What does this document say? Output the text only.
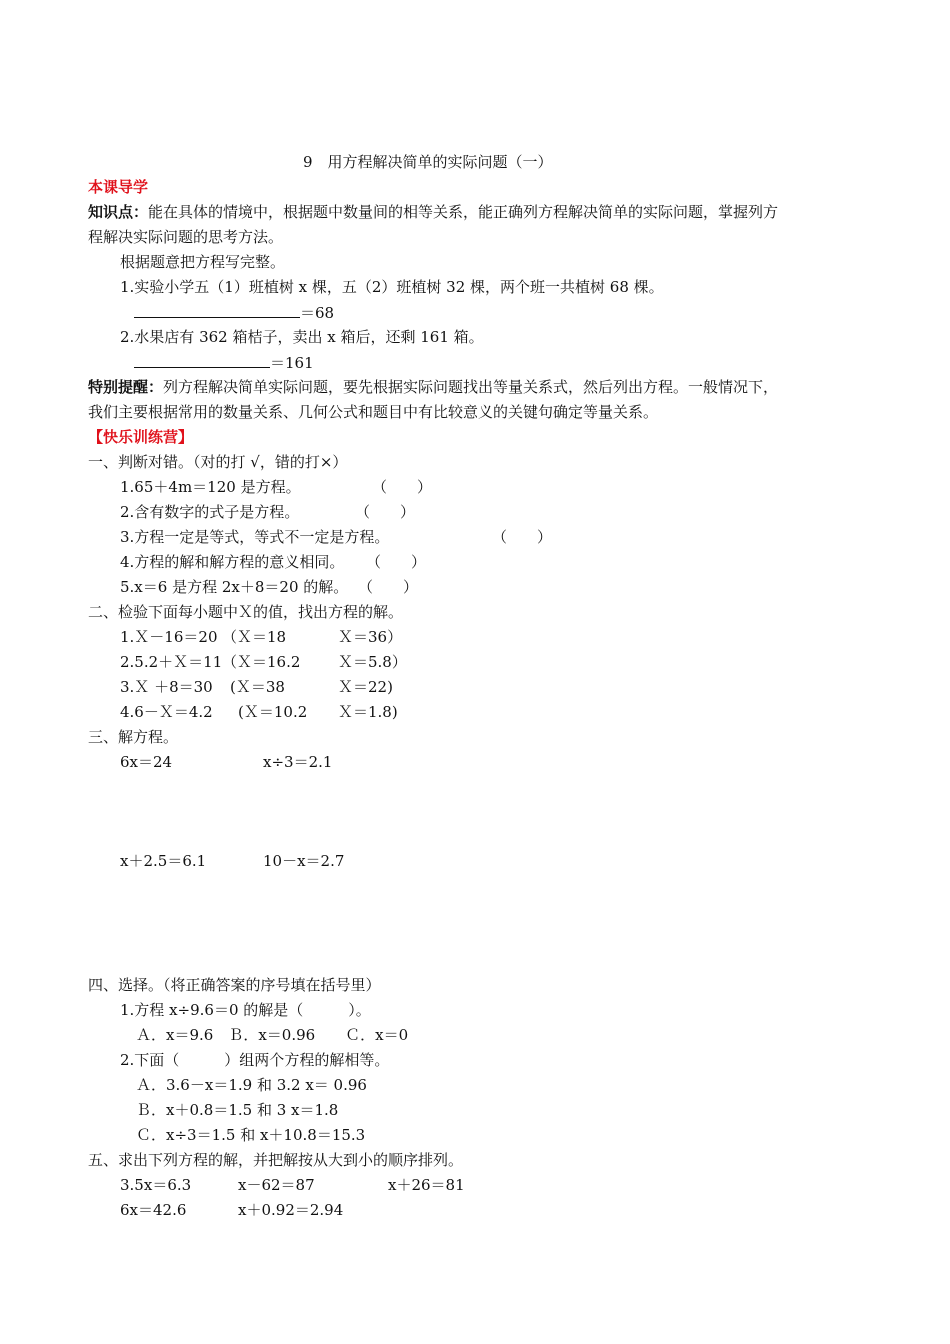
9　用方程解决简单的实际问题（一）
本课导学
知识点：能在具体的情境中，根据题中数量间的相等关系，能正确列方程解决简单的实际问题，掌握列方
程解决实际问题的思考方法。
根据题意把方程写完整。
1.实验小学五（1）班植树 x 棵，五（2）班植树 32 棵，两个班一共植树 68 棵。
＝68
2.水果店有 362 箱桔子，卖出 x 箱后，还剩 161 箱。
＝161
特别提醒：列方程解决简单实际问题，要先根据实际问题找出等量关系式，然后列出方程。一般情况下，
我们主要根据常用的数量关系、几何公式和题目中有比较意义的关键句确定等量关系。
【快乐训练营】
一、判断对错。（对的打 √，错的打×）
1.65＋4m＝120 是方程。	（　　）
2.含有数字的式子是方程。	（　　）
3.方程一定是等式，等式不一定是方程。	（　　）
4.方程的解和解方程的意义相同。 （　　）
5.x＝6 是方程 2x＋8＝20 的解。 （　　）
二、检验下面每小题中Ｘ的值，找出方程的解。
1.Ｘ－16＝20 （Ｘ＝18	Ｘ＝36）
2.5.2＋Ｘ＝11 （Ｘ＝16.2	Ｘ＝5.8）
3.Ｘ ＋8＝30 (Ｘ＝38	Ｘ＝22)
4.6－Ｘ＝4.2 (Ｘ＝10.2 Ｘ＝1.8)
三、解方程。
6x＝24	x÷3＝2.1
x＋2.5＝6.1	10－x＝2.7
四、选择。（将正确答案的序号填在括号里）
1.方程 x÷9.6＝0 的解是（　　　）。
Ａ．x＝9.6　Ｂ．x＝0.96　　Ｃ．x＝0
2.下面（　　　）组两个方程的解相等。
Ａ．3.6－x＝1.9 和 3.2 x＝ 0.96
Ｂ．x＋0.8＝1.5 和 3 x＝1.8
Ｃ．x÷3＝1.5 和 x＋10.8＝15.3
五、求出下列方程的解，并把解按从大到小的顺序排列。
3.5x＝6.3	x－62＝87	x＋26＝81
6x＝42.6	x＋0.92＝2.94
